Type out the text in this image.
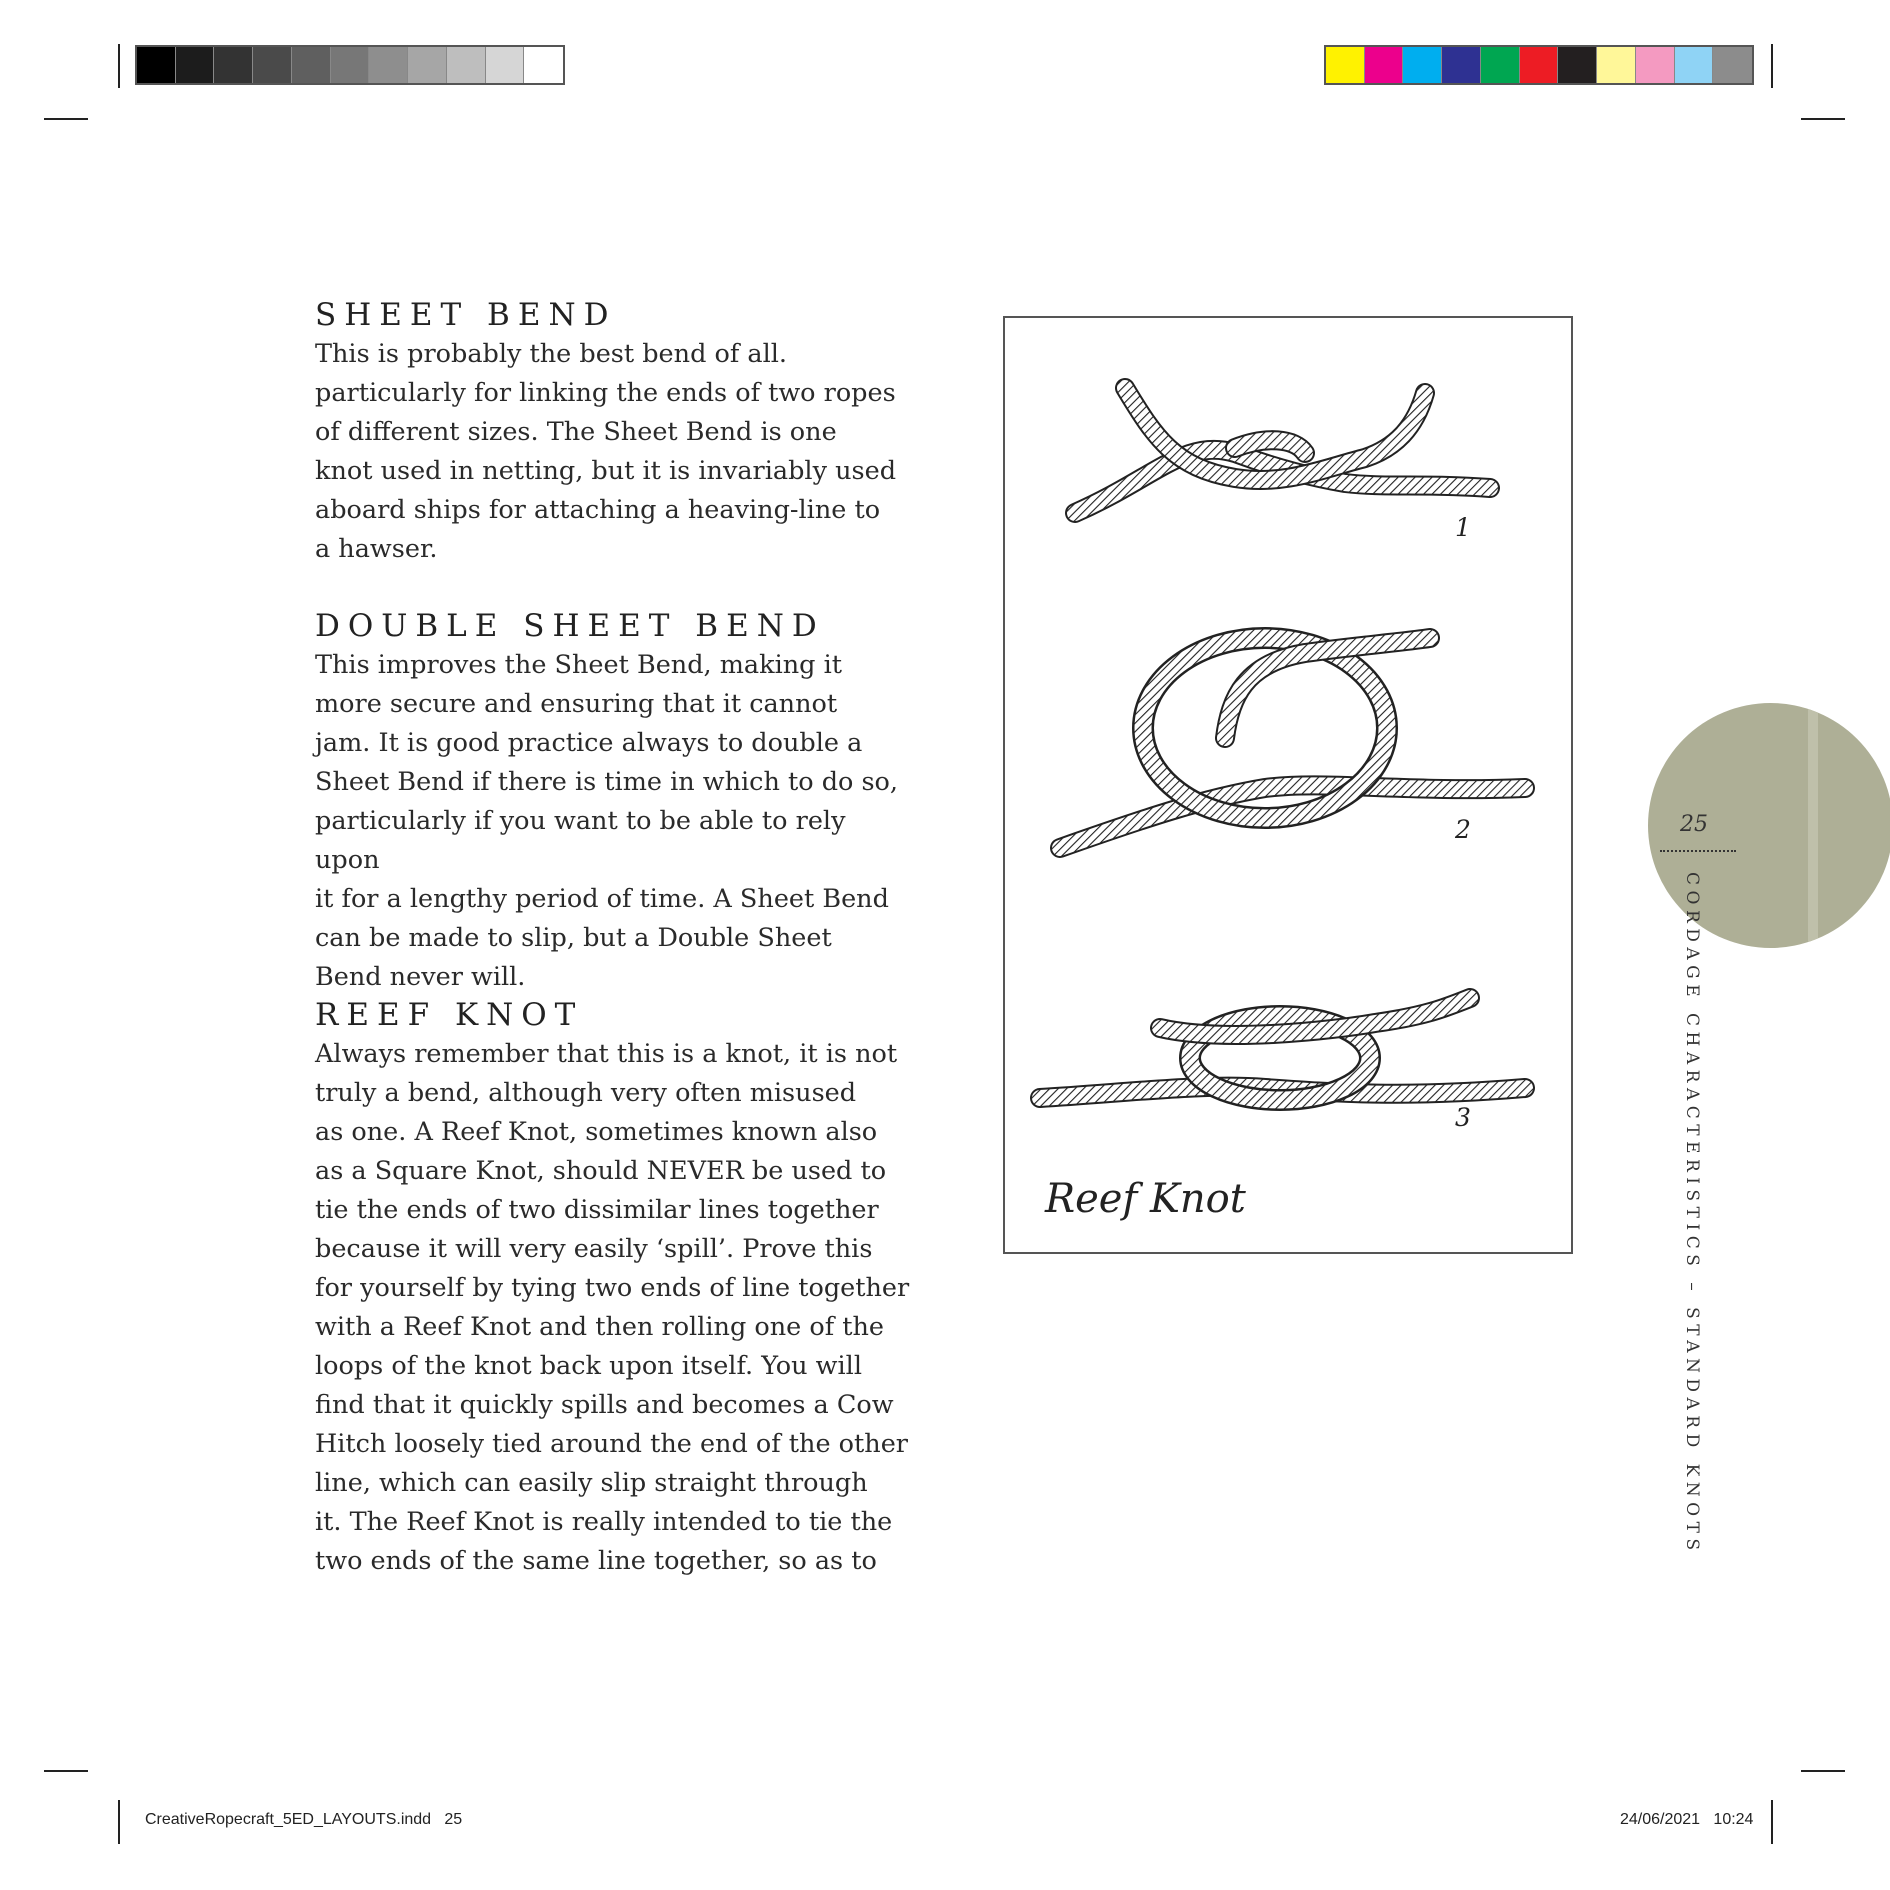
SHEET BEND

This is probably the best bend of all.
particularly for linking the ends of two ropes
of different sizes. The Sheet Bend is one
knot used in netting, but it is invariably used
aboard ships for attaching a heaving-line to
a hawser.

DOUBLE SHEET BEND

This improves the Sheet Bend, making it
more secure and ensuring that it cannot
jam. It is good practice always to double a
Sheet Bend if there is time in which to do so,
particularly if you want to be able to rely upon
it for a lengthy period of time. A Sheet Bend
can be made to slip, but a Double Sheet
Bend never will.

REEF KNOT

Always remember that this is a knot, it is not
truly a bend, although very often misused
as one. A Reef Knot, sometimes known also
as a Square Knot, should NEVER be used to
tie the ends of two dissimilar lines together
because it will very easily ‘spill’. Prove this
for yourself by tying two ends of line together
with a Reef Knot and then rolling one of the
loops of the knot back upon itself. You will
find that it quickly spills and becomes a Cow
Hitch loosely tied around the end of the other
line, which can easily slip straight through
it. The Reef Knot is really intended to tie the
two ends of the same line together, so as to

1
2
3
Reef Knot
25
CORDAGE CHARACTERISTICS – STANDARD KNOTS
CreativeRopecraft_5ED_LAYOUTS.indd   25	24/06/2021   10:24
